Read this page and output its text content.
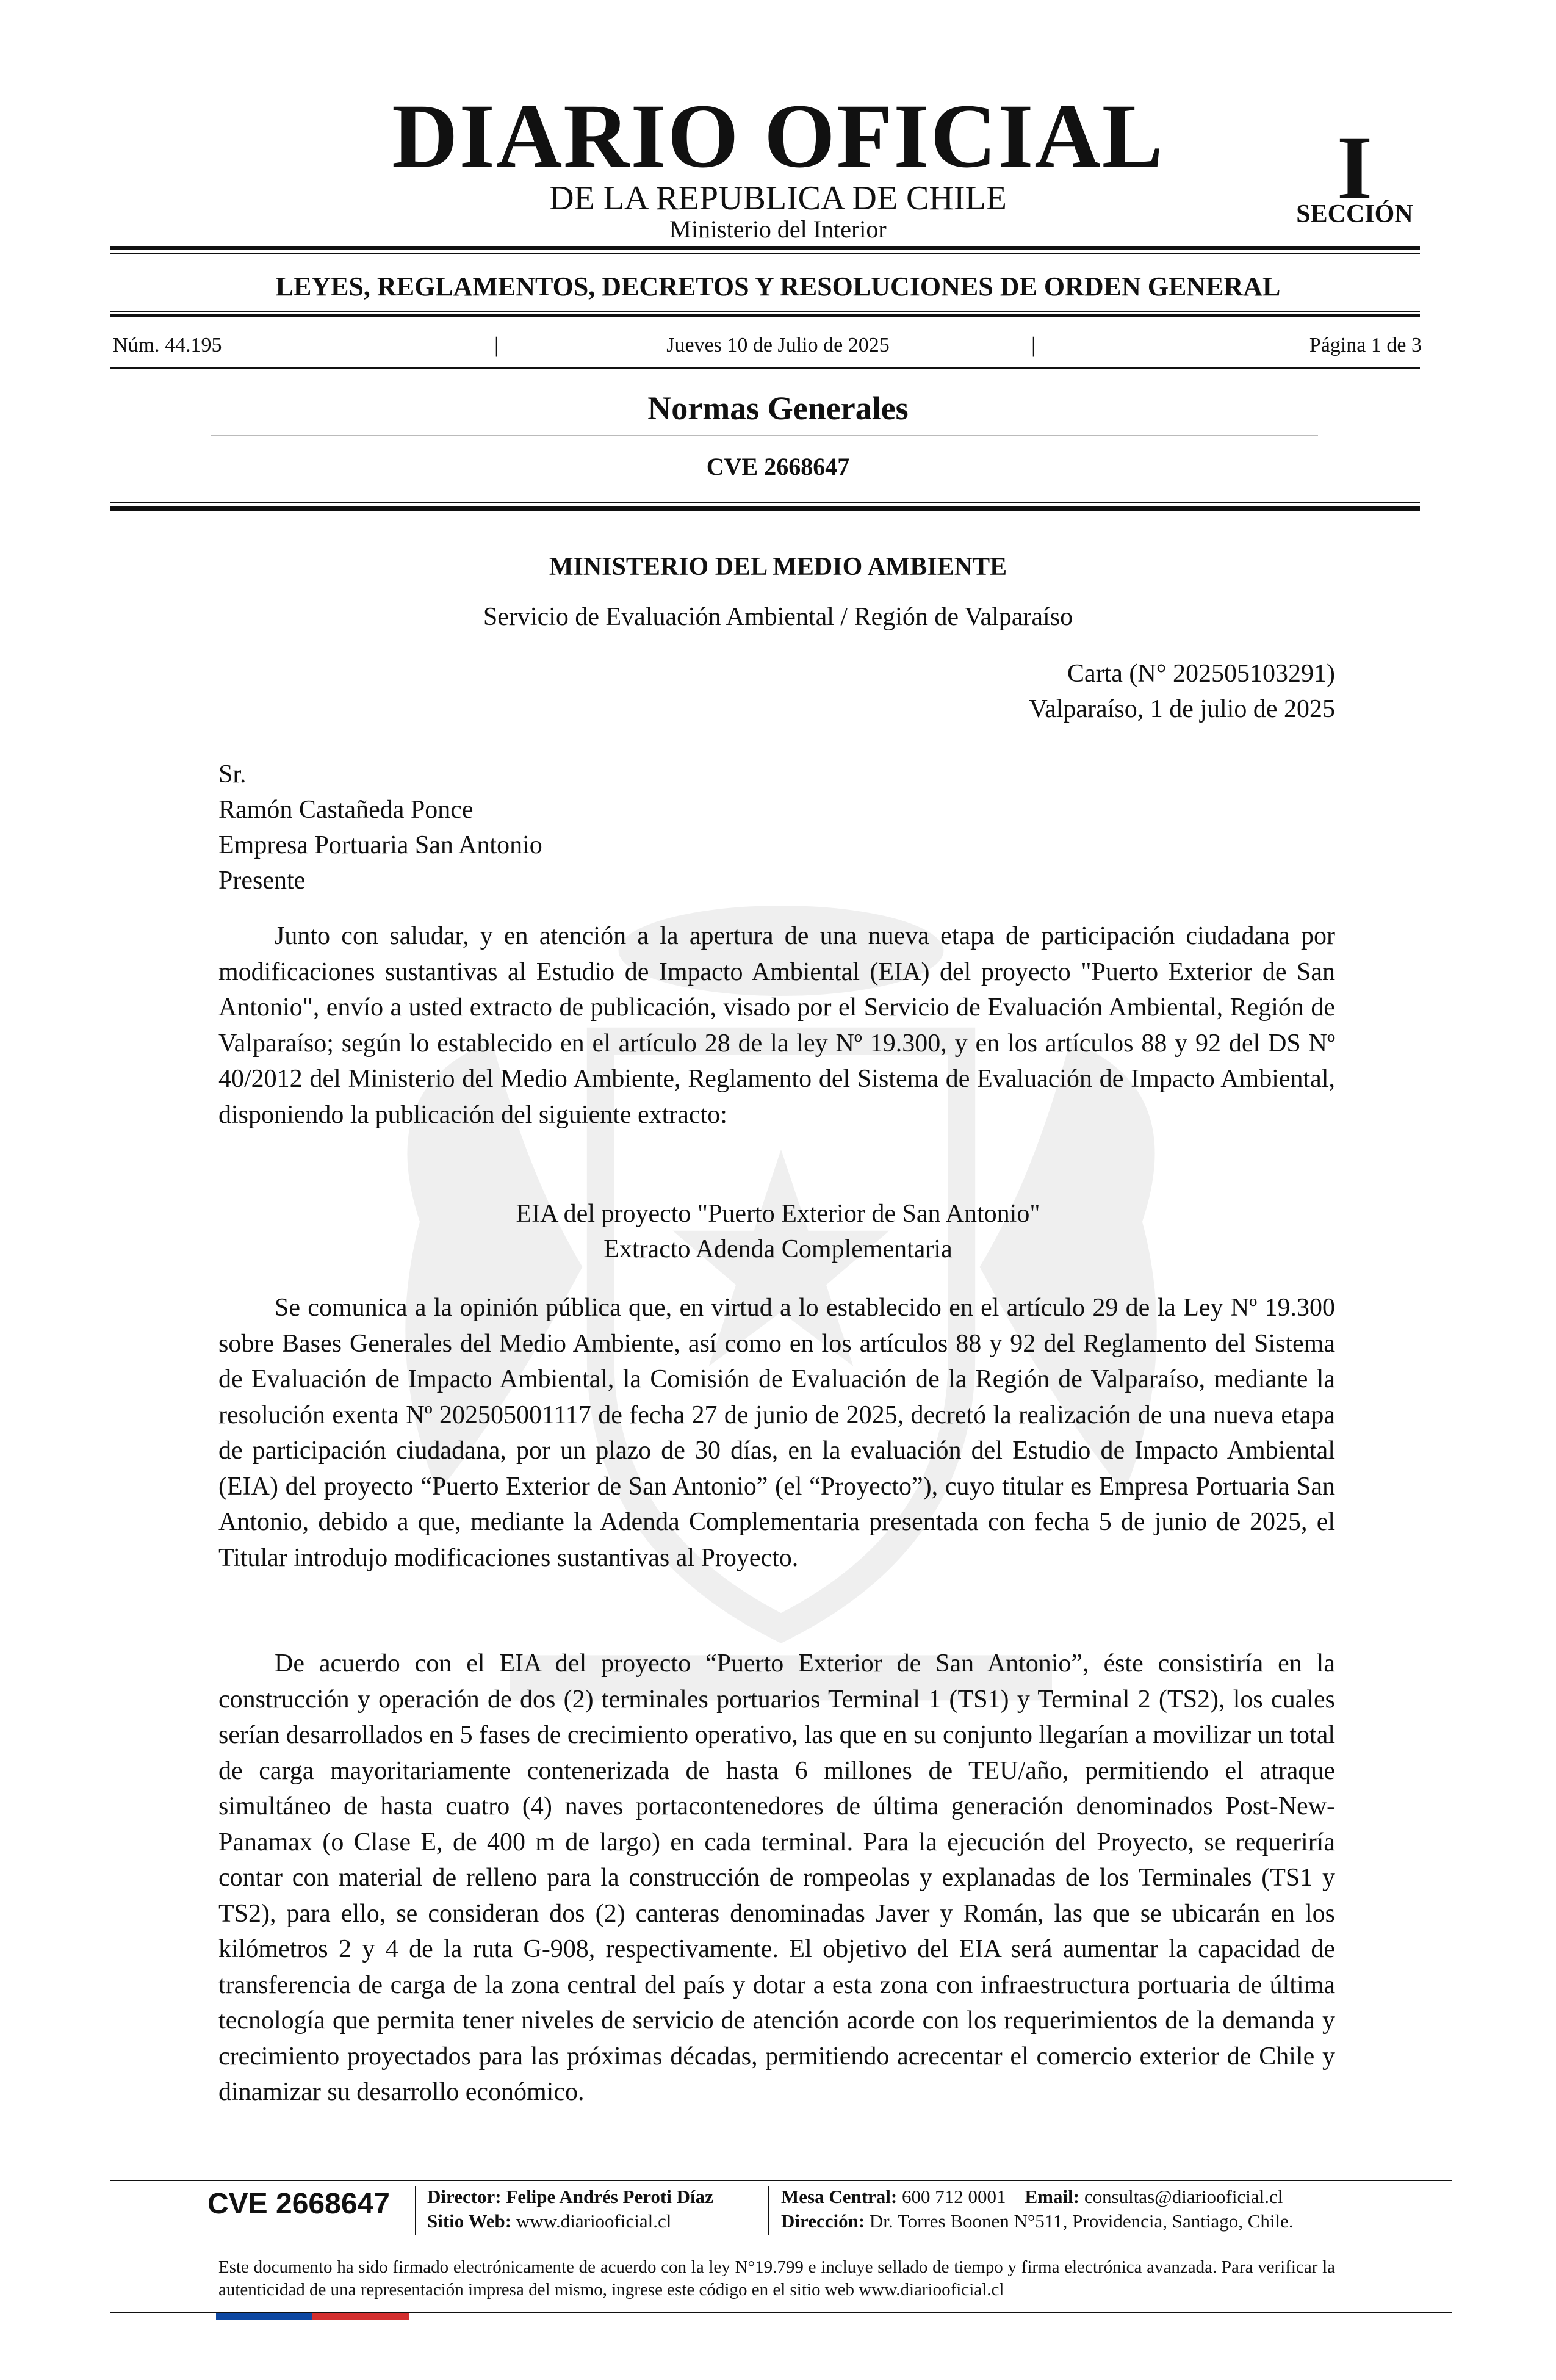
DIARIO OFICIAL
DE LA REPUBLICA DE CHILE
Ministerio del Interior
I
SECCIÓN
LEYES, REGLAMENTOS, DECRETOS Y RESOLUCIONES DE ORDEN GENERAL
Núm. 44.195	|	Jueves 10 de Julio de 2025	|	Página 1 de 3
Normas Generales
CVE 2668647
MINISTERIO DEL MEDIO AMBIENTE
Servicio de Evaluación Ambiental / Región de Valparaíso
Carta (N° 202505103291)
Valparaíso, 1 de julio de 2025
Sr.
Ramón Castañeda Ponce
Empresa Portuaria San Antonio
Presente

Junto con saludar, y en atención a la apertura de una nueva etapa de participación ciudadana por modificaciones sustantivas al Estudio de Impacto Ambiental (EIA) del proyecto "Puerto Exterior de San Antonio", envío a usted extracto de publicación, visado por el Servicio de Evaluación Ambiental, Región de Valparaíso; según lo establecido en el artículo 28 de la ley Nº 19.300, y en los artículos 88 y 92 del DS Nº 40/2012 del Ministerio del Medio Ambiente, Reglamento del Sistema de Evaluación de Impacto Ambiental, disponiendo la publicación del siguiente extracto:

EIA del proyecto "Puerto Exterior de San Antonio"
Extracto Adenda Complementaria

Se comunica a la opinión pública que, en virtud a lo establecido en el artículo 29 de la Ley Nº 19.300 sobre Bases Generales del Medio Ambiente, así como en los artículos 88 y 92 del Reglamento del Sistema de Evaluación de Impacto Ambiental, la Comisión de Evaluación de la Región de Valparaíso, mediante la resolución exenta Nº 202505001117 de fecha 27 de junio de 2025, decretó la realización de una nueva etapa de participación ciudadana, por un plazo de 30 días, en la evaluación del Estudio de Impacto Ambiental (EIA) del proyecto “Puerto Exterior de San Antonio” (el “Proyecto”), cuyo titular es Empresa Portuaria San Antonio, debido a que, mediante la Adenda Complementaria presentada con fecha 5 de junio de 2025, el Titular introdujo modificaciones sustantivas al Proyecto.

De acuerdo con el EIA del proyecto “Puerto Exterior de San Antonio”, éste consistiría en la construcción y operación de dos (2) terminales portuarios Terminal 1 (TS1) y Terminal 2 (TS2), los cuales serían desarrollados en 5 fases de crecimiento operativo, las que en su conjunto llegarían a movilizar un total de carga mayoritariamente contenerizada de hasta 6 millones de TEU/año, permitiendo el atraque simultáneo de hasta cuatro (4) naves portacontenedores de última generación denominados Post-New-Panamax (o Clase E, de 400 m de largo) en cada terminal. Para la ejecución del Proyecto, se requeriría contar con material de relleno para la construcción de rompeolas y explanadas de los Terminales (TS1 y TS2), para ello, se consideran dos (2) canteras denominadas Javer y Román, las que se ubicarán en los kilómetros 2 y 4 de la ruta G-908, respectivamente. El objetivo del EIA será aumentar la capacidad de transferencia de carga de la zona central del país y dotar a esta zona con infraestructura portuaria de última tecnología que permita tener niveles de servicio de atención acorde con los requerimientos de la demanda y crecimiento proyectados para las próximas décadas, permitiendo acrecentar el comercio exterior de Chile y dinamizar su desarrollo económico.

CVE 2668647 Director: Felipe Andrés Peroti Díaz
Sitio Web: www.diariooficial.cl
Mesa Central: 600 712 0001 Email: consultas@diariooficial.cl
Dirección: Dr. Torres Boonen N°511, Providencia, Santiago, Chile.
Este documento ha sido firmado electrónicamente de acuerdo con la ley N°19.799 e incluye sellado de tiempo y firma electrónica avanzada. Para verificar la autenticidad de una representación impresa del mismo, ingrese este código en el sitio web www.diariooficial.cl
